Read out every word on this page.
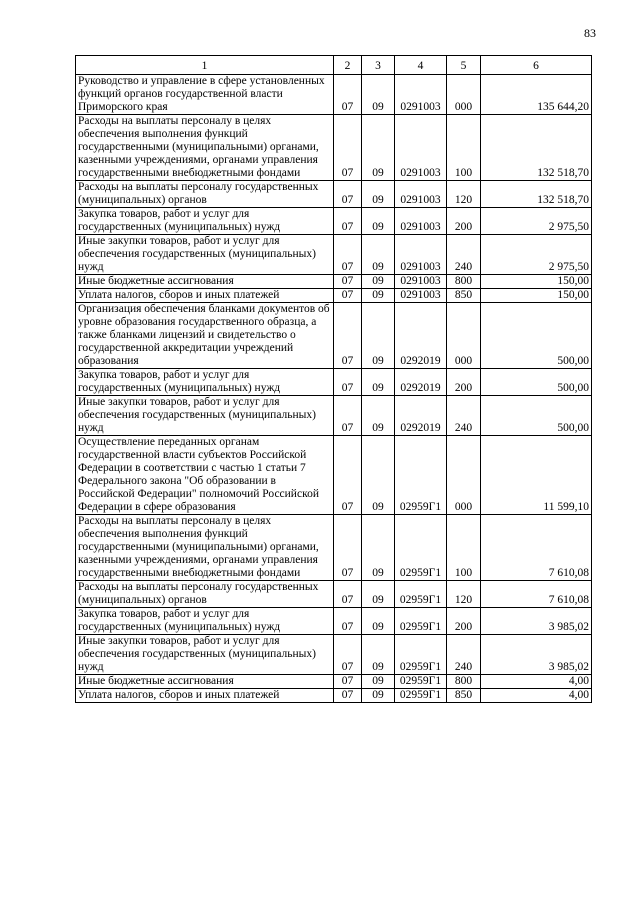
83
1	2	3	4	5	6
Руководство и управление в сфере установленных функций органов государственной власти Приморского края	07	09	0291003	000	135 644,20
Расходы на выплаты персоналу в целях обеспечения выполнения функций государственными (муниципальными) органами, казенными учреждениями, органами управления государственными внебюджетными фондами	07	09	0291003	100	132 518,70
Расходы на выплаты персоналу государственных (муниципальных) органов	07	09	0291003	120	132 518,70
Закупка товаров, работ и услуг для государственных (муниципальных) нужд	07	09	0291003	200	2 975,50
Иные закупки товаров, работ и услуг для обеспечения государственных (муниципальных) нужд	07	09	0291003	240	2 975,50
Иные бюджетные ассигнования	07	09	0291003	800	150,00
Уплата налогов, сборов и иных платежей	07	09	0291003	850	150,00
Организация обеспечения бланками документов об уровне образования государственного образца, а также бланками лицензий и свидетельство о государственной аккредитации учреждений образования	07	09	0292019	000	500,00
Закупка товаров, работ и услуг для государственных (муниципальных) нужд	07	09	0292019	200	500,00
Иные закупки товаров, работ и услуг для обеспечения государственных (муниципальных) нужд	07	09	0292019	240	500,00
Осуществление переданных органам государственной власти субъектов Российской Федерации в соответствии с частью 1 статьи 7 Федерального закона "Об образовании в Российской Федерации" полномочий Российской Федерации в сфере образования	07	09	02959Г1	000	11 599,10
Расходы на выплаты персоналу в целях обеспечения выполнения функций государственными (муниципальными) органами, казенными учреждениями, органами управления государственными внебюджетными фондами	07	09	02959Г1	100	7 610,08
Расходы на выплаты персоналу государственных (муниципальных) органов	07	09	02959Г1	120	7 610,08
Закупка товаров, работ и услуг для государственных (муниципальных) нужд	07	09	02959Г1	200	3 985,02
Иные закупки товаров, работ и услуг для обеспечения государственных (муниципальных) нужд	07	09	02959Г1	240	3 985,02
Иные бюджетные ассигнования	07	09	02959Г1	800	4,00
Уплата налогов, сборов и иных платежей	07	09	02959Г1	850	4,00
